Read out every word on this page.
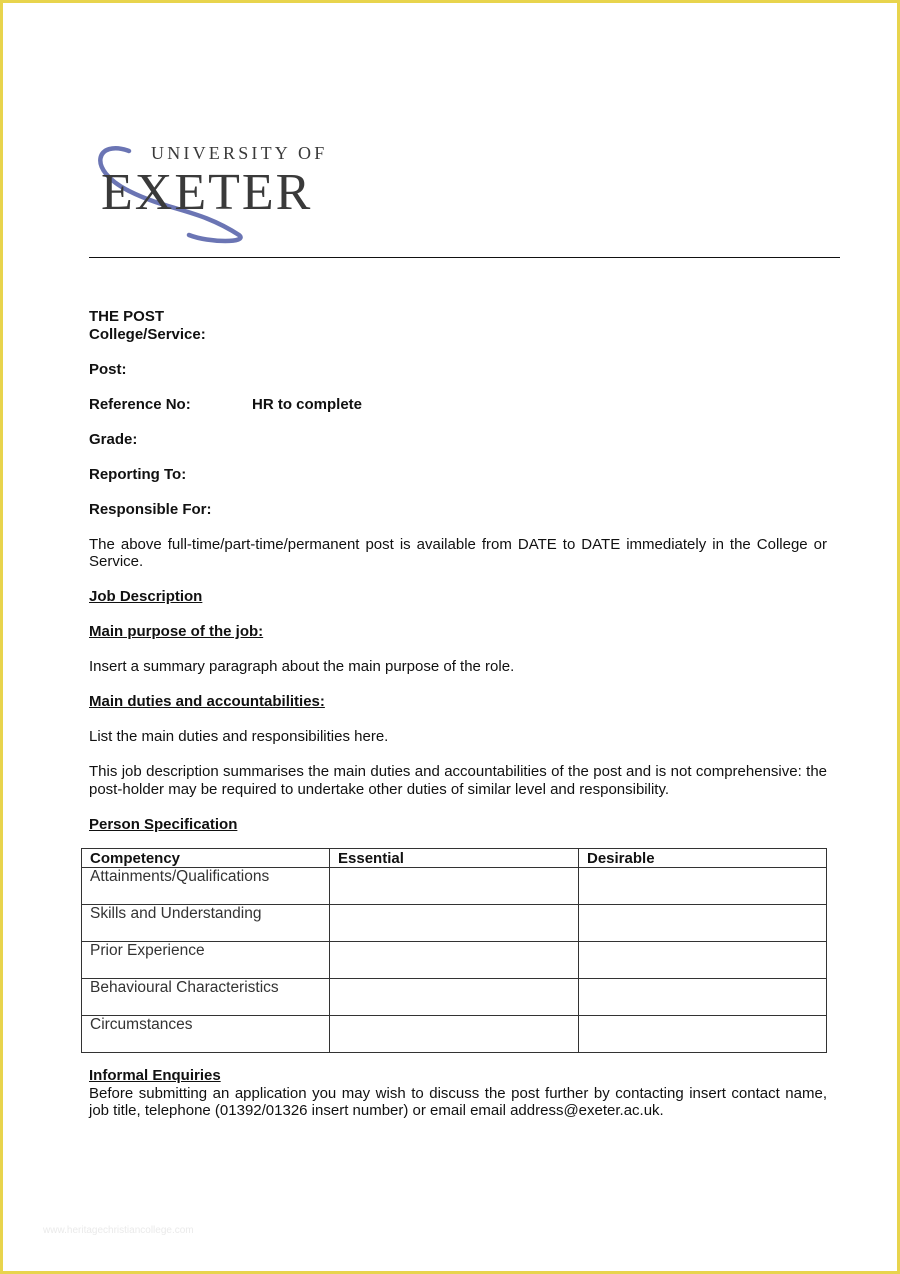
UNIVERSITY OF
EXETER
THE POST
College/Service:
Post:
Reference No:	HR to complete
Grade:
Reporting To:
Responsible For:

The above full-time/part-time/permanent post is available from DATE to DATE immediately in the College or Service.

Job Description
Main purpose of the job:

Insert a summary paragraph about the main purpose of the role.

Main duties and accountabilities:

List the main duties and responsibilities here.

This job description summarises the main duties and accountabilities of the post and is not comprehensive: the post-holder may be required to undertake other duties of similar level and responsibility.

Person Specification
Competency	Essential	Desirable
Attainments/Qualifications		
Skills and Understanding		
Prior Experience		
Behavioural Characteristics		
Circumstances		
Informal Enquiries

Before submitting an application you may wish to discuss the post further by contacting insert contact name, job title, telephone (01392/01326 insert number) or email email address@exeter.ac.uk.

www.heritagechristiancollege.com
